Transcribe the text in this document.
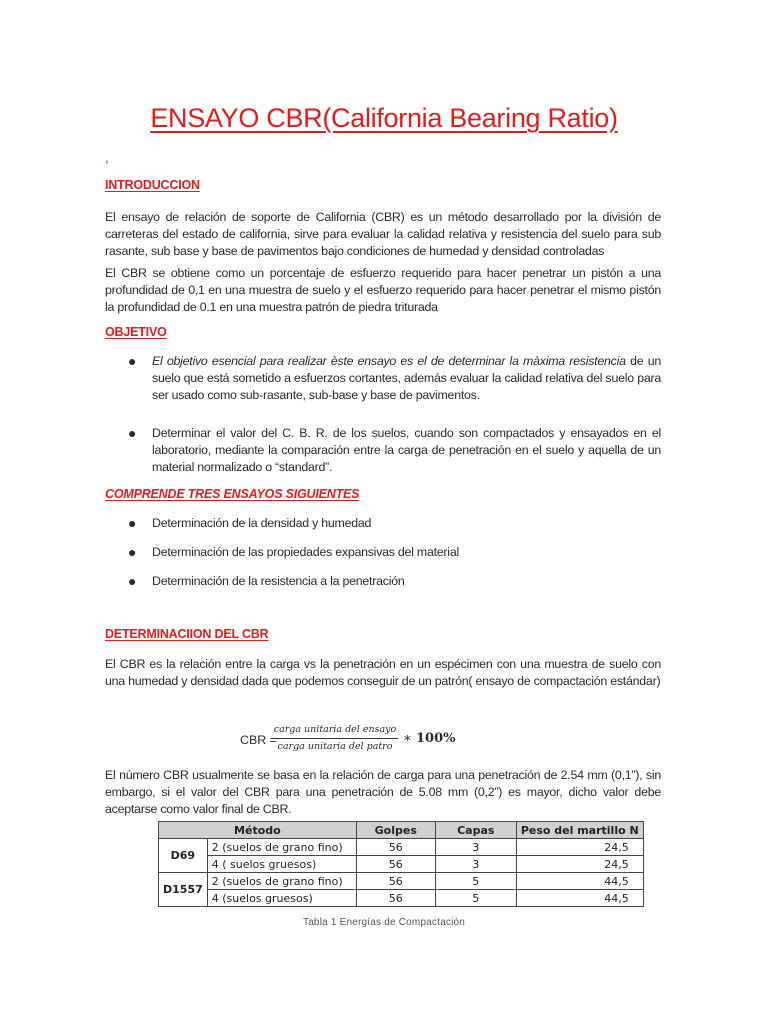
ENSAYO CBR(California Bearing Ratio)
,
INTRODUCCION
El ensayo de relación de soporte de California (CBR) es un método desarrollado por la división de carreteras del estado de california, sirve para evaluar la calidad relativa y resistencia del suelo para sub rasante, sub base y base de pavimentos bajo condiciones de humedad y densidad controladas
El CBR se obtiene como un porcentaje de esfuerzo requerido para hacer penetrar un pistón a una profundidad de 0,1 en una muestra de suelo y el esfuerzo requerido para hacer penetrar el mismo pistón la profundidad de 0.1 en una muestra patrón de piedra triturada
OBJETIVO
● El objetivo esencial para realizar èste ensayo es el de determinar la màxima resistencia de un suelo que está sometido a esfuerzos cortantes, además evaluar la calidad relativa del suelo para ser usado como sub-rasante, sub-base y base de pavimentos.
● Determinar el valor del C. B. R. de los suelos, cuando son compactados y ensayados en el laboratorio, mediante la comparación entre la carga de penetración en el suelo y aquella de un material normalizado o “standard”.
COMPRENDE TRES ENSAYOS SIGUIENTES
● Determinación de la densidad y humedad
● Determinación de las propiedades expansivas del material
● Determinación de la resistencia a la penetración
DETERMINACIION DEL CBR
El CBR es la relación entre la carga vs la penetración en un espécimen con una muestra de suelo con una humedad y densidad dada que podemos conseguir de un patrón( ensayo de compactación estándar)
CBR =
carga unitaria del ensayo
carga unitaria del patro
∗ 100%
El número CBR usualmente se basa en la relación de carga para una penetración de 2.54 mm (0,1”), sin embargo, si el valor del CBR para una penetración de 5.08 mm (0,2”) es mayor, dicho valor debe aceptarse como valor final de CBR.
Método		Golpes	Capas	Peso del martillo N
D69	2 (suelos de grano fino)	56	3	24,5
	4 ( suelos gruesos)	56	3	24,5
D1557	2 (suelos de grano fino)	56	5	44,5
	4 (suelos gruesos)	56	5	44,5
Tabla 1 Energías de Compactación
